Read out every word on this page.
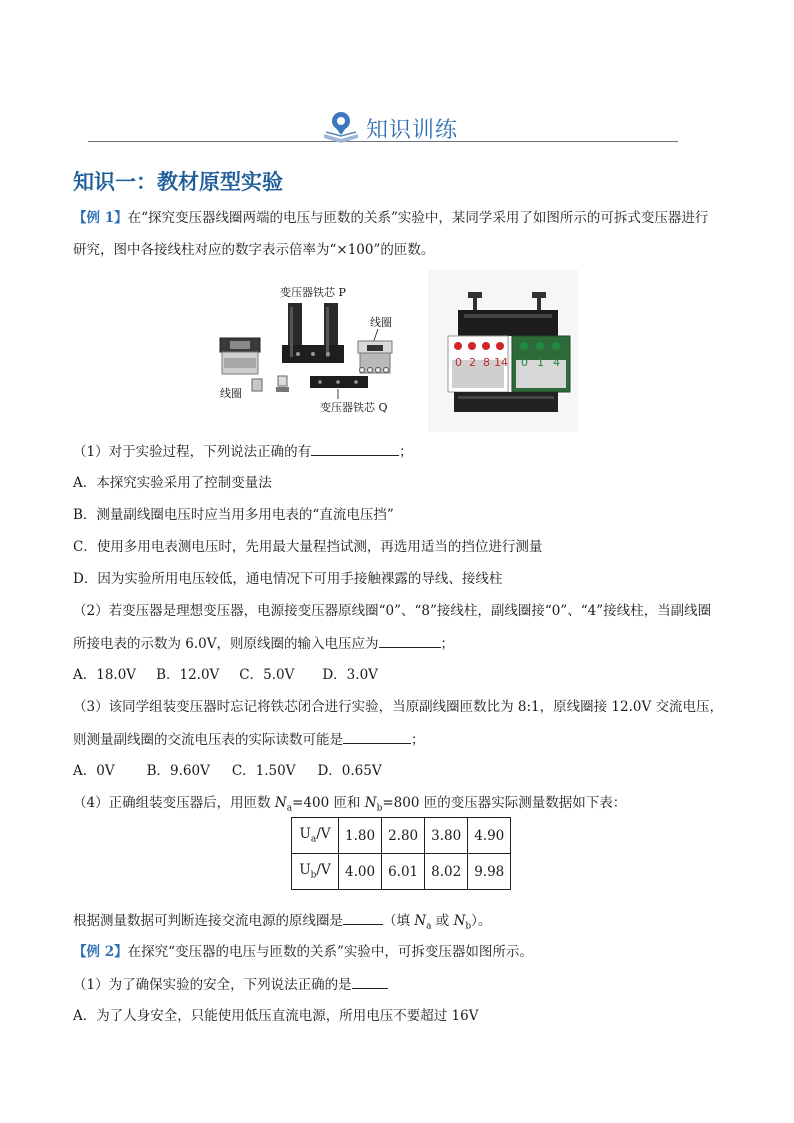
知识训练
知识一：教材原型实验
【例 1】在“探究变压器线圈两端的电压与匝数的关系”实验中，某同学采用了如图所示的可拆式变压器进行
研究，图中各接线柱对应的数字表示倍率为“×100”的匝数。
变压器铁芯 P
线圈
线圈
变压器铁芯 Q
0 2 8 14 0 1 4
（1）对于实验过程，下列说法正确的有	；
A．本探究实验采用了控制变量法
B．测量副线圈电压时应当用多用电表的“直流电压挡”
C．使用多用电表测电压时，先用最大量程挡试测，再选用适当的挡位进行测量
D．因为实验所用电压较低，通电情况下可用手接触裸露的导线、接线柱
（2）若变压器是理想变压器，电源接变压器原线圈“0”、“8”接线柱，副线圈接“0”、“4”接线柱，当副线圈
所接电表的示数为 6.0V，则原线圈的输入电压应为	；
A．18.0V B．12.0V C．5.0V D．3.0V
（3）该同学组装变压器时忘记将铁芯闭合进行实验，当原副线圈匝数比为 8:1，原线圈接 12.0V 交流电压，
则测量副线圈的交流电压表的实际读数可能是	；
A．0V B．9.60V C．1.50V D．0.65V
（4）正确组装变压器后，用匝数 $N_a=400$ 匝和 $N_b=800$ 匝的变压器实际测量数据如下表：
$U_a/V$	1.80	2.80	3.80	4.90
$U_b/V$	4.00	6.01	8.02	9.98
根据测量数据可判断连接交流电源的原线圈是	（填 $N_a$ 或 $N_b$）。
【例 2】在探究“变压器的电压与匝数的关系”实验中，可拆变压器如图所示。
（1）为了确保实验的安全，下列说法正确的是
A．为了人身安全，只能使用低压直流电源，所用电压不要超过 16V
